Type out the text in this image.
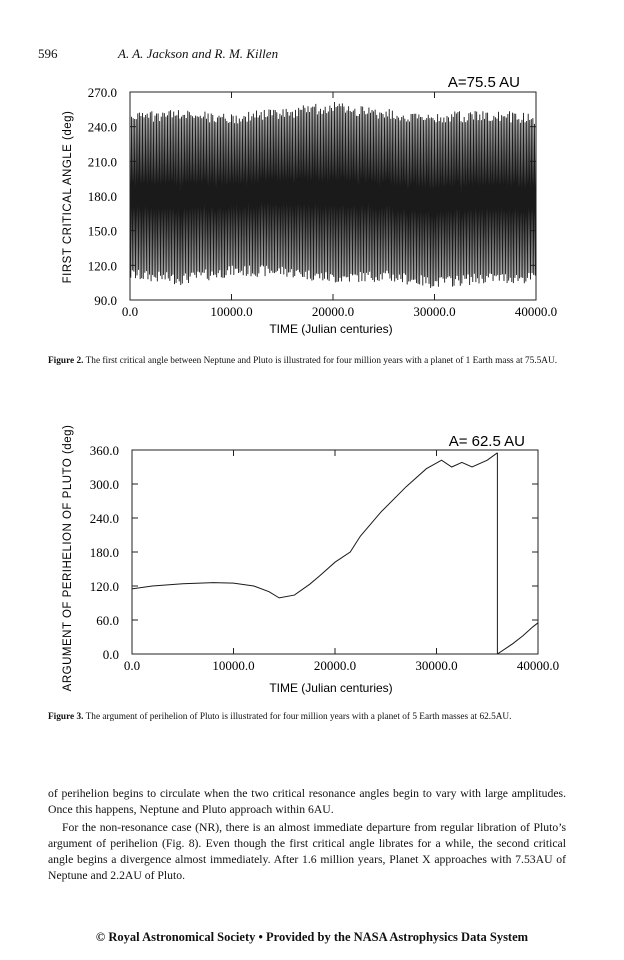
596	A. A. Jackson and R. M. Killen
A=75.5 AU
90.0
120.0
150.0
180.0
210.0
240.0
270.0
0.0	10000.0	20000.0	30000.0	40000.0
FIRST CRITICAL ANGLE (deg)
TIME (Julian centuries)
Figure 2. The first critical angle between Neptune and Pluto is illustrated for four million years with a planet of 1 Earth mass at 75.5AU.
A= 62.5 AU
0.0
60.0
120.0
180.0
240.0
300.0
360.0
0.0	10000.0	20000.0	30000.0	40000.0
ARGUMENT OF PERIHELION OF PLUTO (deg)	TIME (Julian centuries)
Figure 3. The argument of perihelion of Pluto is illustrated for four million years with a planet of 5 Earth masses at 62.5AU.
of perihelion begins to circulate when the two critical resonance angles begin to vary with large amplitudes. Once this happens, Neptune and Pluto approach within 6AU.
For the non-resonance case (NR), there is an almost immediate departure from regular libration of Pluto’s argument of perihelion (Fig. 8). Even though the first critical angle librates for a while, the second critical angle begins a divergence almost immediately. After 1.6 million years, Planet X approaches with 7.53AU of Neptune and 2.2AU of Pluto.
© Royal Astronomical Society • Provided by the NASA Astrophysics Data System
